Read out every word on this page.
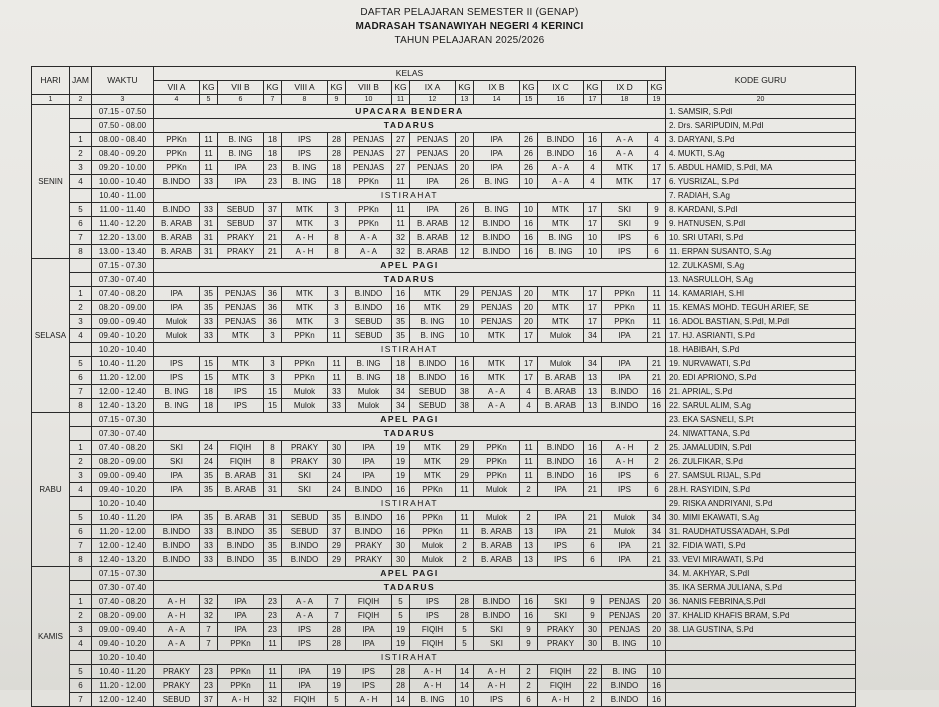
DAFTAR PELAJARAN SEMESTER II (GENAP)
MADRASAH TSANAWIYAH NEGERI 4 KERINCI
TAHUN PELAJARAN 2025/2026
HARI	JAM	WAKTU	KELAS																KODE GURU
			VII A	KG	VII B	KG	VIII A	KG	VIII B	KG	IX A	KG	IX B	KG	IX C	KG	IX D	KG	
1	2	3	4	5	6	7	8	9	10	11	12	13	14	15	16	17	18	19	20
SENIN		07.15 - 07.50	UPACARA BENDERA																1. SAMSIR, S.Pdl
		07.50 - 08.00	TADARUS																2. Drs. SARIPUDIN, M.PdI
	1	08.00 - 08.40	PPKn	11	B. ING	18	IPS	28	PENJAS	27	PENJAS	20	IPA	26	B.INDO	16	A - A	4	3. DARYANI, S.Pd
	2	08.40 - 09.20	PPKn	11	B. ING	18	IPS	28	PENJAS	27	PENJAS	20	IPA	26	B.INDO	16	A - A	4	4. MUKTI, S.Ag
	3	09.20 - 10.00	PPKn	11	IPA	23	B. ING	18	PENJAS	27	PENJAS	20	IPA	26	A - A	4	MTK	17	5. ABDUL HAMID, S.PdI, MA
	4	10.00 - 10.40	B.INDO	33	IPA	23	B. ING	18	PPKn	11	IPA	26	B. ING	10	A - A	4	MTK	17	6. YUSRIZAL, S.Pd
		10.40 - 11.00	ISTIRAHAT																7. RADIAH, S.Ag
	5	11.00 - 11.40	B.INDO	33	SEBUD	37	MTK	3	PPKn	11	IPA	26	B. ING	10	MTK	17	SKI	9	8. KARDANI, S.PdI
	6	11.40 - 12.20	B. ARAB	31	SEBUD	37	MTK	3	PPKn	11	B. ARAB	12	B.INDO	16	MTK	17	SKI	9	9. HATNUSEN, S.PdI
	7	12.20 - 13.00	B. ARAB	31	PRAKY	21	A - H	8	A - A	32	B. ARAB	12	B.INDO	16	B. ING	10	IPS	6	10. SRI UTARI, S.Pd
	8	13.00 - 13.40	B. ARAB	31	PRAKY	21	A - H	8	A - A	32	B. ARAB	12	B.INDO	16	B. ING	10	IPS	6	11. ERPAN SUSANTO, S.Ag
SELASA		07.15 - 07.30	APEL PAGI																12. ZULKASMI, S.Ag
		07.30 - 07.40	TADARUS																13. NASRULLOH, S.Ag
	1	07.40 - 08.20	IPA	35	PENJAS	36	MTK	3	B.INDO	16	MTK	29	PENJAS	20	MTK	17	PPKn	11	14. KAMARIAH, S.HI
	2	08.20 - 09.00	IPA	35	PENJAS	36	MTK	3	B.INDO	16	MTK	29	PENJAS	20	MTK	17	PPKn	11	15. KEMAS MOHD. TEGUH ARIEF, SE
	3	09.00 - 09.40	Mulok	33	PENJAS	36	MTK	3	SEBUD	35	B. ING	10	PENJAS	20	MTK	17	PPKn	11	16. ADOL BASTIAN, S.PdI, M.PdI
	4	09.40 - 10.20	Mulok	33	MTK	3	PPKn	11	SEBUD	35	B. ING	10	MTK	17	Mulok	34	IPA	21	17. HJ. ASRIANTI, S.Pd
		10.20 - 10.40	ISTIRAHAT																18. HABIBAH, S.Pd
	5	10.40 - 11.20	IPS	15	MTK	3	PPKn	11	B. ING	18	B.INDO	16	MTK	17	Mulok	34	IPA	21	19. NURVAWATI, S.Pd
	6	11.20 - 12.00	IPS	15	MTK	3	PPKn	11	B. ING	18	B.INDO	16	MTK	17	B. ARAB	13	IPA	21	20. EDI APRIONO, S.Pd
	7	12.00 - 12.40	B. ING	18	IPS	15	Mulok	33	Mulok	34	SEBUD	38	A - A	4	B. ARAB	13	B.INDO	16	21. APRIAL, S.Pd
	8	12.40 - 13.20	B. ING	18	IPS	15	Mulok	33	Mulok	34	SEBUD	38	A - A	4	B. ARAB	13	B.INDO	16	22. SARUL ALIM, S.Ag
RABU		07.15 - 07.30	APEL PAGI																23. EKA SASNELI, S.Pt
		07.30 - 07.40	TADARUS																24. NIWATTANA, S.Pd
	1	07.40 - 08.20	SKI	24	FIQIH	8	PRAKY	30	IPA	19	MTK	29	PPKn	11	B.INDO	16	A - H	2	25. JAMALUDIN, S.PdI
	2	08.20 - 09.00	SKI	24	FIQIH	8	PRAKY	30	IPA	19	MTK	29	PPKn	11	B.INDO	16	A - H	2	26. ZULFIKAR, S.Pd
	3	09.00 - 09.40	IPA	35	B. ARAB	31	SKI	24	IPA	19	MTK	29	PPKn	11	B.INDO	16	IPS	6	27. SAMSUL RIJAL, S.Pd
	4	09.40 - 10.20	IPA	35	B. ARAB	31	SKI	24	B.INDO	16	PPKn	11	Mulok	2	IPA	21	IPS	6	28.H. RASYIDIN, S.Pd
		10.20 - 10.40	ISTIRAHAT																29. RISKA ANDRIYANI, S.Pd
	5	10.40 - 11.20	IPA	35	B. ARAB	31	SEBUD	35	B.INDO	16	PPKn	11	Mulok	2	IPA	21	Mulok	34	30. MIMI EKAWATI, S.Ag
	6	11.20 - 12.00	B.INDO	33	B.INDO	35	SEBUD	37	B.INDO	16	PPKn	11	B. ARAB	13	IPA	21	Mulok	34	31. RAUDHATUSSA'ADAH, S.Pdl
	7	12.00 - 12.40	B.INDO	33	B.INDO	35	B.INDO	29	PRAKY	30	Mulok	2	B. ARAB	13	IPS	6	IPA	21	32. FIDIA WATI, S.Pd
	8	12.40 - 13.20	B.INDO	33	B.INDO	35	B.INDO	29	PRAKY	30	Mulok	2	B. ARAB	13	IPS	6	IPA	21	33. VEVI MIRAWATI, S.Pd
KAMIS		07.15 - 07.30	APEL PAGI																34. M. AKHYAR, S.PdI
		07.30 - 07.40	TADARUS																35. IKA SERMA JULIANA, S.Pd
	1	07.40 - 08.20	A - H	32	IPA	23	A - A	7	FIQIH	5	IPS	28	B.INDO	16	SKI	9	PENJAS	20	36. NANIS FEBRINA,S.PdI
	2	08.20 - 09.00	A - H	32	IPA	23	A - A	7	FIQIH	5	IPS	28	B.INDO	16	SKI	9	PENJAS	20	37. KHALID KHAFIS BRAM, S.Pd
	3	09.00 - 09.40	A - A	7	IPA	23	IPS	28	IPA	19	FIQIH	5	SKI	9	PRAKY	30	PENJAS	20	38. LIA GUSTINA, S.Pd
	4	09.40 - 10.20	A - A	7	PPKn	11	IPS	28	IPA	19	FIQIH	5	SKI	9	PRAKY	30	B. ING	10	
		10.20 - 10.40	ISTIRAHAT																
	5	10.40 - 11.20	PRAKY	23	PPKn	11	IPA	19	IPS	28	A - H	14	A - H	2	FIQIH	22	B. ING	10	
	6	11.20 - 12.00	PRAKY	23	PPKn	11	IPA	19	IPS	28	A - H	14	A - H	2	FIQIH	22	B.INDO	16	
	7	12.00 - 12.40	SEBUD	37	A - H	32	FIQIH	5	A - H	14	B. ING	10	IPS	6	A - H	2	B.INDO	16	
